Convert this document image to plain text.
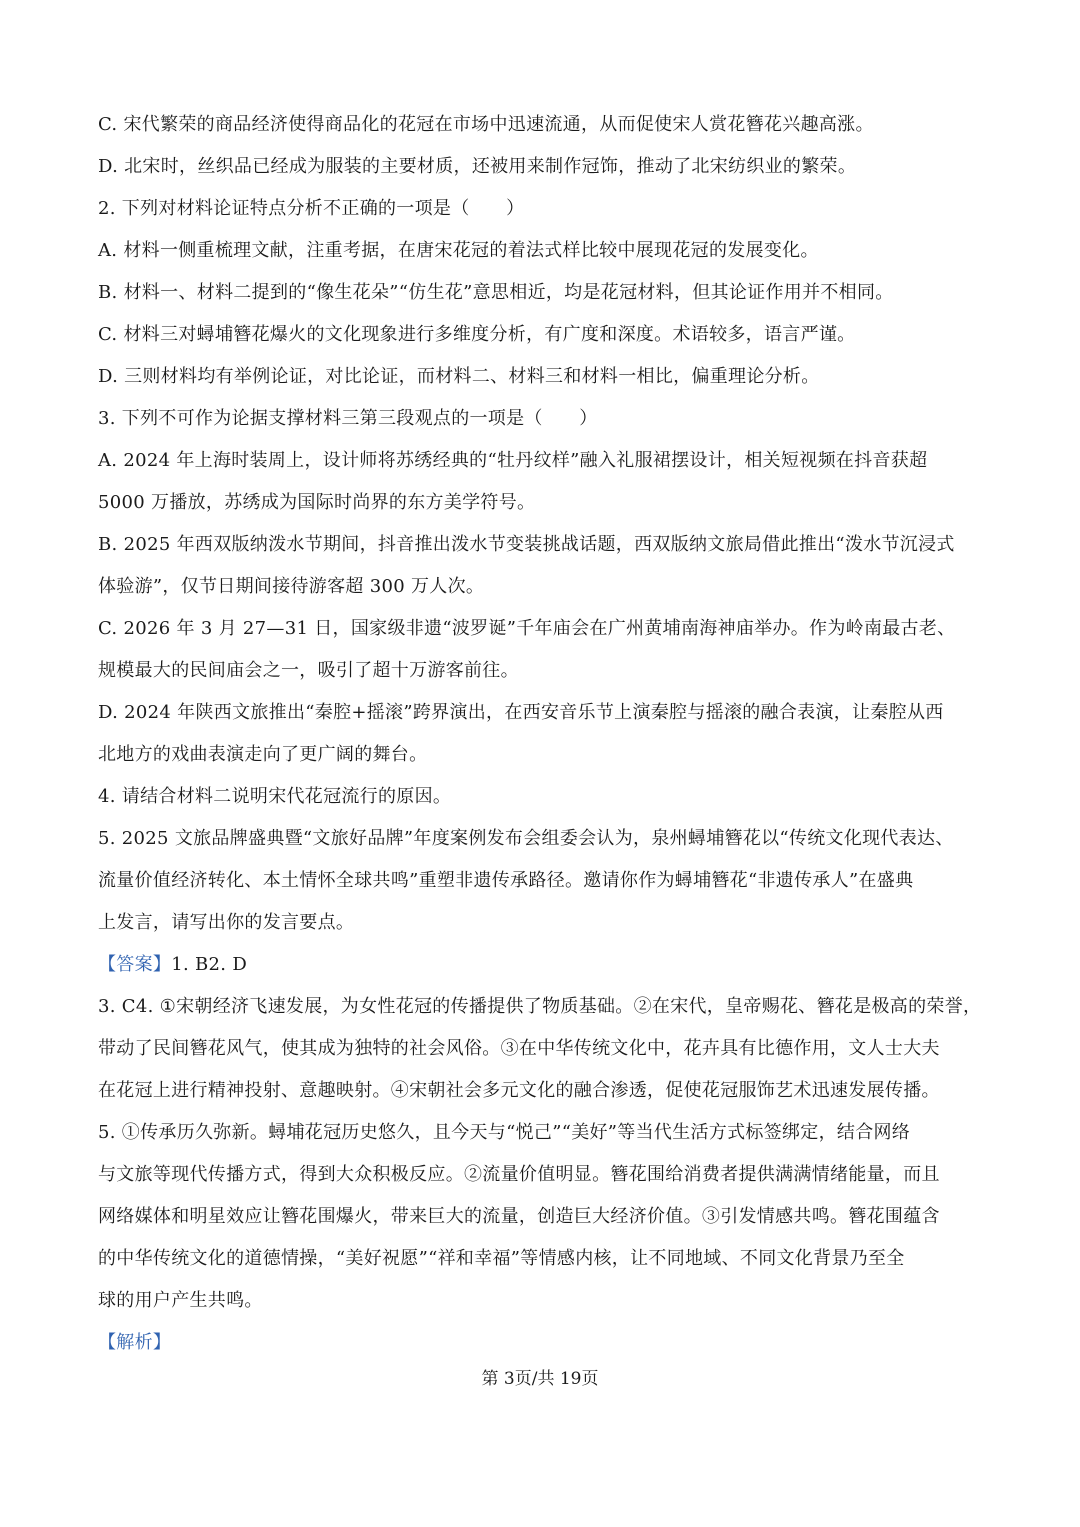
C. 宋代繁荣的商品经济使得商品化的花冠在市场中迅速流通，从而促使宋人赏花簪花兴趣高涨。
D. 北宋时，丝织品已经成为服装的主要材质，还被用来制作冠饰，推动了北宋纺织业的繁荣。
2. 下列对材料论证特点分析不正确的一项是（　　）
A. 材料一侧重梳理文献，注重考据，在唐宋花冠的着法式样比较中展现花冠的发展变化。
B. 材料一、材料二提到的“像生花朵”“仿生花”意思相近，均是花冠材料，但其论证作用并不相同。
C. 材料三对蟳埔簪花爆火的文化现象进行多维度分析，有广度和深度。术语较多，语言严谨。
D. 三则材料均有举例论证，对比论证，而材料二、材料三和材料一相比，偏重理论分析。
3. 下列不可作为论据支撑材料三第三段观点的一项是（　　）
A. 2024 年上海时装周上，设计师将苏绣经典的“牡丹纹样”融入礼服裙摆设计，相关短视频在抖音获超
5000 万播放，苏绣成为国际时尚界的东方美学符号。
B. 2025 年西双版纳泼水节期间，抖音推出泼水节变装挑战话题，西双版纳文旅局借此推出“泼水节沉浸式
体验游”，仅节日期间接待游客超 300 万人次。
C. 2026 年 3 月 27—31 日，国家级非遗“波罗诞”千年庙会在广州黄埔南海神庙举办。作为岭南最古老、
规模最大的民间庙会之一，吸引了超十万游客前往。
D. 2024 年陕西文旅推出“秦腔+摇滚”跨界演出，在西安音乐节上演秦腔与摇滚的融合表演，让秦腔从西
北地方的戏曲表演走向了更广阔的舞台。
4. 请结合材料二说明宋代花冠流行的原因。
5. 2025 文旅品牌盛典暨“文旅好品牌”年度案例发布会组委会认为，泉州蟳埔簪花以“传统文化现代表达、
流量价值经济转化、本土情怀全球共鸣”重塑非遗传承路径。邀请你作为蟳埔簪花“非遗传承人”在盛典
上发言，请写出你的发言要点。
【答案】1. B2. D
3. C4. ①宋朝经济飞速发展，为女性花冠的传播提供了物质基础。②在宋代，皇帝赐花、簪花是极高的荣誉，
带动了民间簪花风气，使其成为独特的社会风俗。③在中华传统文化中，花卉具有比德作用，文人士大夫
在花冠上进行精神投射、意趣映射。④宋朝社会多元文化的融合渗透，促使花冠服饰艺术迅速发展传播。
5. ①传承历久弥新。蟳埔花冠历史悠久，且今天与“悦己”“美好”等当代生活方式标签绑定，结合网络
与文旅等现代传播方式，得到大众积极反应。②流量价值明显。簪花围给消费者提供满满情绪能量，而且
网络媒体和明星效应让簪花围爆火，带来巨大的流量，创造巨大经济价值。③引发情感共鸣。簪花围蕴含
的中华传统文化的道德情操，“美好祝愿”“祥和幸福”等情感内核，让不同地域、不同文化背景乃至全
球的用户产生共鸣。
【解析】
第 3页/共 19页
